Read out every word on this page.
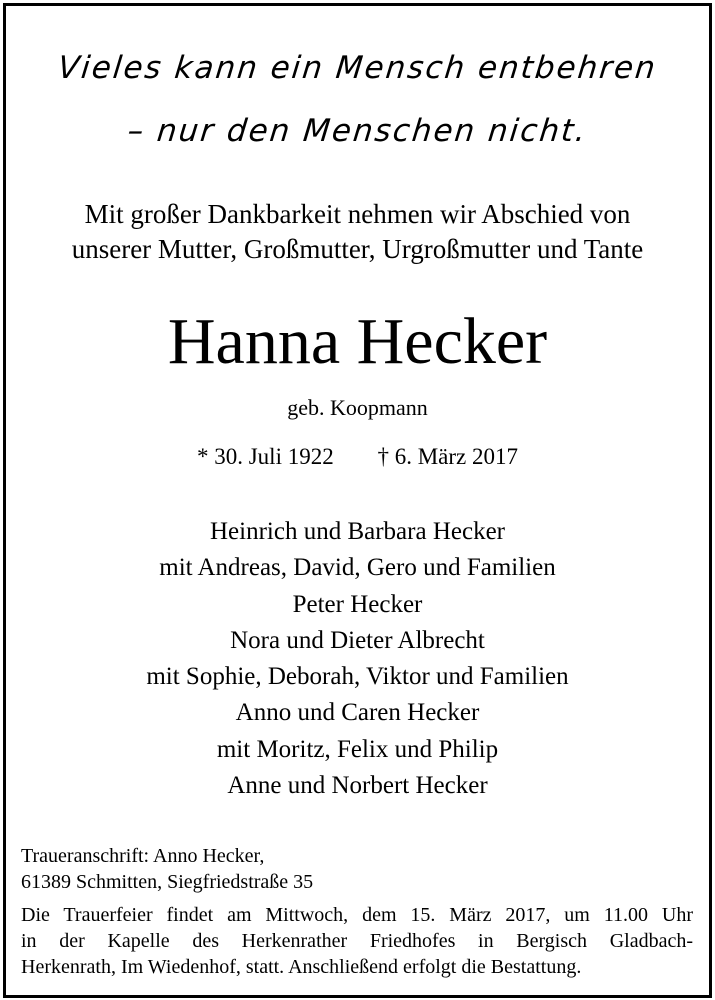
Vieles kann ein Mensch entbehren
– nur den Menschen nicht.
Mit großer Dankbarkeit nehmen wir Abschied von
unserer Mutter, Großmutter, Urgroßmutter und Tante
Hanna Hecker
geb. Koopmann
* 30. Juli 1922 † 6. März 2017
Heinrich und Barbara Hecker
mit Andreas, David, Gero und Familien
Peter Hecker
Nora und Dieter Albrecht
mit Sophie, Deborah, Viktor und Familien
Anno und Caren Hecker
mit Moritz, Felix und Philip
Anne und Norbert Hecker
Traueranschrift: Anno Hecker,
61389 Schmitten, Siegfriedstraße 35
Die Trauerfeier findet am Mittwoch, dem 15. März 2017, um 11.00 Uhr
in der Kapelle des Herkenrather Friedhofes in Bergisch Gladbach-
Herkenrath, Im Wiedenhof, statt. Anschließend erfolgt die Bestattung.
